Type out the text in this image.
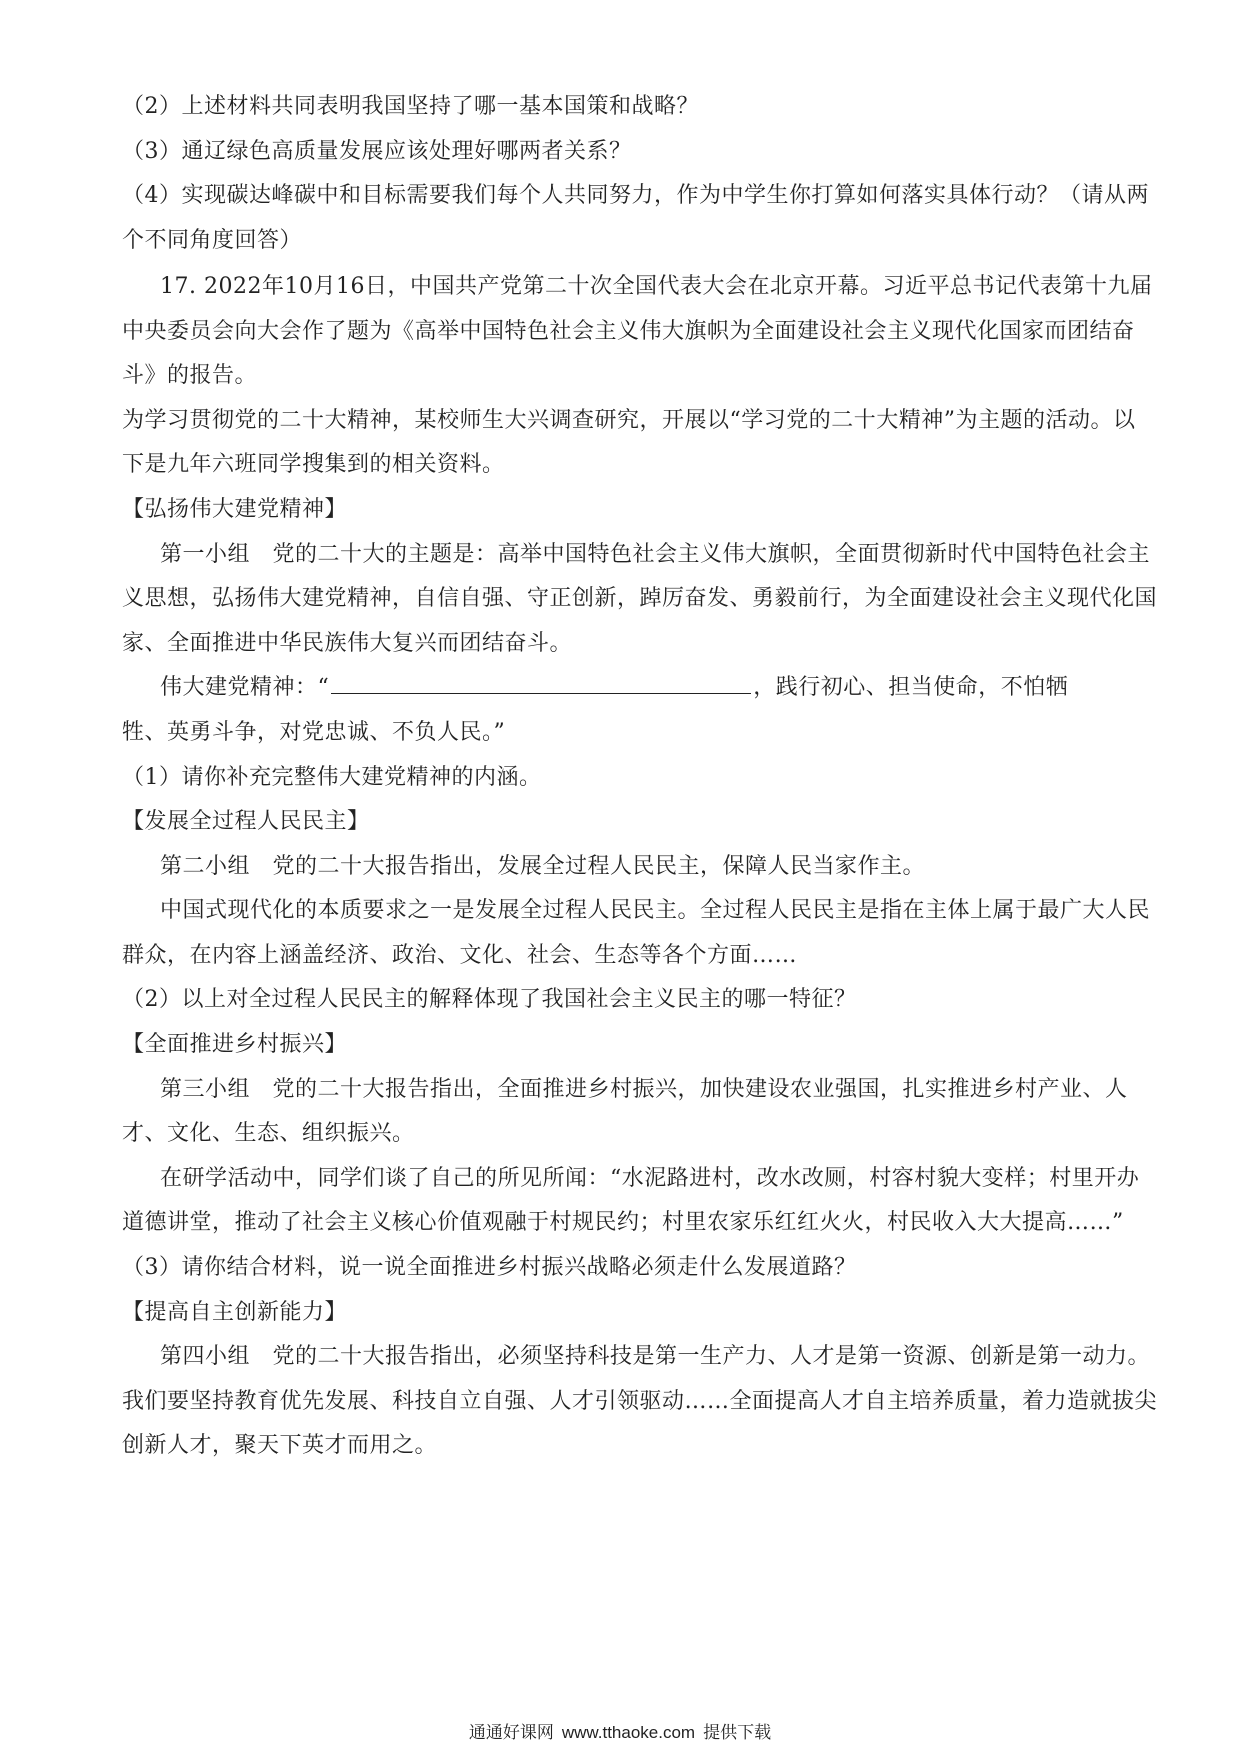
（2）上述材料共同表明我国坚持了哪一基本国策和战略？
（3）通辽绿色高质量发展应该处理好哪两者关系？
（4）实现碳达峰碳中和目标需要我们每个人共同努力，作为中学生你打算如何落实具体行动？（请从两
个不同角度回答）
17. 2022年10月16日，中国共产党第二十次全国代表大会在北京开幕。习近平总书记代表第十九届
中央委员会向大会作了题为《高举中国特色社会主义伟大旗帜为全面建设社会主义现代化国家而团结奋
斗》的报告。
为学习贯彻党的二十大精神，某校师生大兴调查研究，开展以“学习党的二十大精神”为主题的活动。以
下是九年六班同学搜集到的相关资料。
【弘扬伟大建党精神】
第一小组　党的二十大的主题是：高举中国特色社会主义伟大旗帜，全面贯彻新时代中国特色社会主
义思想，弘扬伟大建党精神，自信自强、守正创新，踔厉奋发、勇毅前行，为全面建设社会主义现代化国
家、全面推进中华民族伟大复兴而团结奋斗。
伟大建党精神：“	，践行初心、担当使命，不怕牺
牲、英勇斗争，对党忠诚、不负人民。”
（1）请你补充完整伟大建党精神的内涵。
【发展全过程人民民主】
第二小组　党的二十大报告指出，发展全过程人民民主，保障人民当家作主。
中国式现代化的本质要求之一是发展全过程人民民主。全过程人民民主是指在主体上属于最广大人民
群众，在内容上涵盖经济、政治、文化、社会、生态等各个方面……
（2）以上对全过程人民民主的解释体现了我国社会主义民主的哪一特征？
【全面推进乡村振兴】
第三小组　党的二十大报告指出，全面推进乡村振兴，加快建设农业强国，扎实推进乡村产业、人
才、文化、生态、组织振兴。
在研学活动中，同学们谈了自己的所见所闻：“水泥路进村，改水改厕，村容村貌大变样；村里开办
道德讲堂，推动了社会主义核心价值观融于村规民约；村里农家乐红红火火，村民收入大大提高……”
（3）请你结合材料，说一说全面推进乡村振兴战略必须走什么发展道路？
【提高自主创新能力】
第四小组　党的二十大报告指出，必须坚持科技是第一生产力、人才是第一资源、创新是第一动力。
我们要坚持教育优先发展、科技自立自强、人才引领驱动……全面提高人才自主培养质量，着力造就拔尖
创新人才，聚天下英才而用之。
通通好课网 www.tthaoke.com 提供下载
